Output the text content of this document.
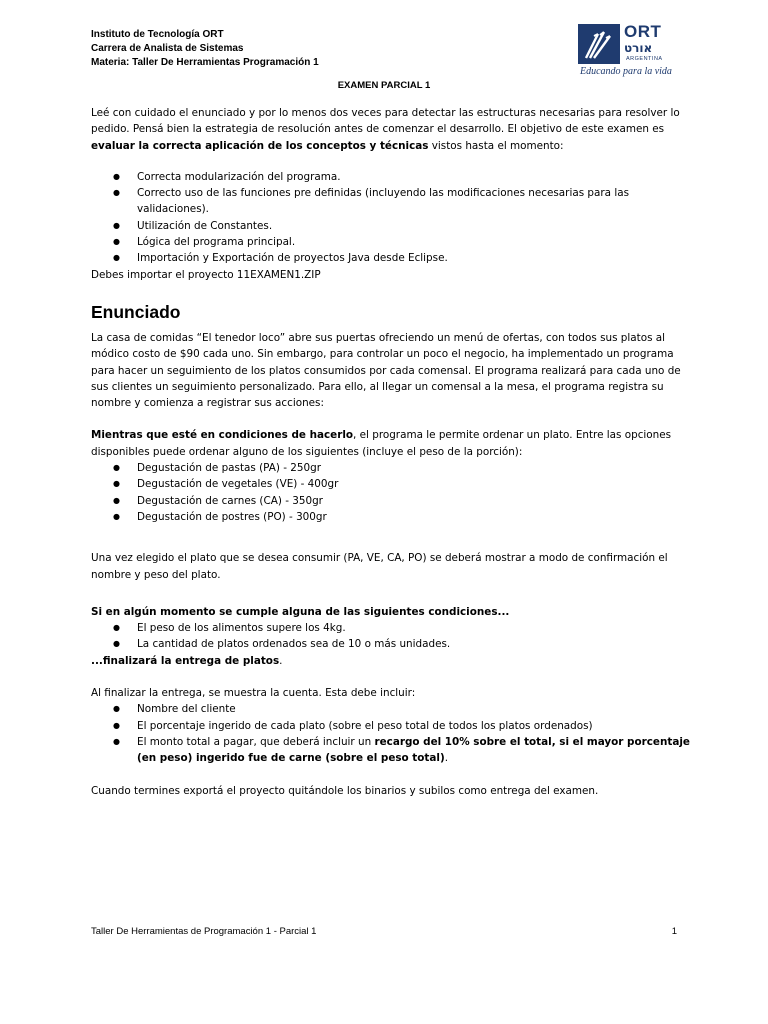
Instituto de Tecnología ORT
Carrera de Analista de Sistemas
Materia: Taller De Herramientas Programación 1
ORT
אורט
ARGENTINA
Educando para la vida
EXAMEN PARCIAL 1

Leé con cuidado el enunciado y por lo menos dos veces para detectar las estructuras necesarias para resolver lo pedido. Pensá bien la estrategia de resolución antes de comenzar el desarrollo. El objetivo de este examen es evaluar la correcta aplicación de los conceptos y técnicas vistos hasta el momento:

● Correcta modularización del programa.
● Correcto uso de las funciones pre definidas (incluyendo las modificaciones necesarias para las validaciones).
● Utilización de Constantes.
● Lógica del programa principal.
● Importación y Exportación de proyectos Java desde Eclipse.

Debes importar el proyecto 11EXAMEN1.ZIP

Enunciado

La casa de comidas “El tenedor loco” abre sus puertas ofreciendo un menú de ofertas, con todos sus platos al módico costo de $90 cada uno. Sin embargo, para controlar un poco el negocio, ha implementado un programa para hacer un seguimiento de los platos consumidos por cada comensal. El programa realizará para cada uno de sus clientes un seguimiento personalizado. Para ello, al llegar un comensal a la mesa, el programa registra su nombre y comienza a registrar sus acciones:

Mientras que esté en condiciones de hacerlo, el programa le permite ordenar un plato. Entre las opciones disponibles puede ordenar alguno de los siguientes (incluye el peso de la porción):

● Degustación de pastas (PA) - 250gr
● Degustación de vegetales (VE) - 400gr
● Degustación de carnes (CA) - 350gr
● Degustación de postres (PO) - 300gr

Una vez elegido el plato que se desea consumir (PA, VE, CA, PO) se deberá mostrar a modo de confirmación el nombre y peso del plato.

Si en algún momento se cumple alguna de las siguientes condiciones...

● El peso de los alimentos supere los 4kg.
● La cantidad de platos ordenados sea de 10 o más unidades.

...finalizará la entrega de platos.

Al finalizar la entrega, se muestra la cuenta. Esta debe incluir:

● Nombre del cliente
● El porcentaje ingerido de cada plato (sobre el peso total de todos los platos ordenados)
● El monto total a pagar, que deberá incluir un recargo del 10% sobre el total, si el mayor porcentaje (en peso) ingerido fue de carne (sobre el peso total).

Cuando termines exportá el proyecto quitándole los binarios y subilos como entrega del examen.

Taller De Herramientas de Programación 1 - Parcial 1	1
